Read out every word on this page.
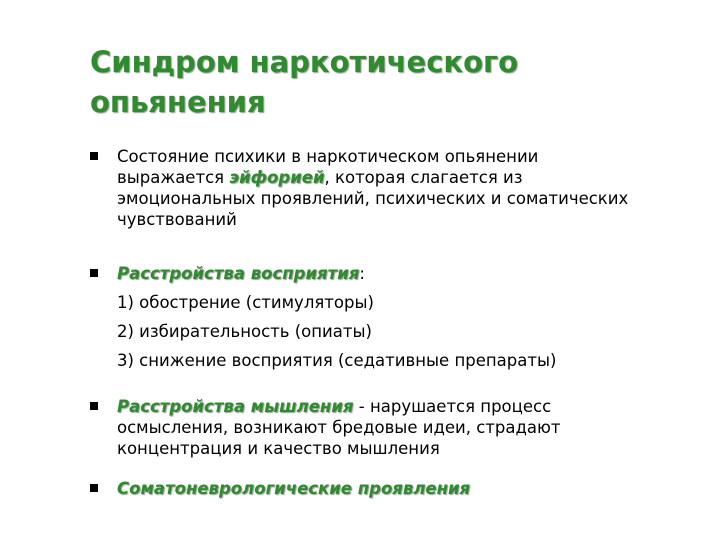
Синдром наркотического
опьянения
Состояние психики в наркотическом опьянении
выражается эйфорией, которая слагается из
эмоциональных проявлений, психических и соматических
чувствований
Расстройства восприятия:
1) обострение (стимуляторы)
2) избирательность (опиаты)
3) снижение восприятия (седативные препараты)
Расстройства мышления - нарушается процесс
осмысления, возникают бредовые идеи, страдают
концентрация и качество мышления
Соматоневрологические проявления
